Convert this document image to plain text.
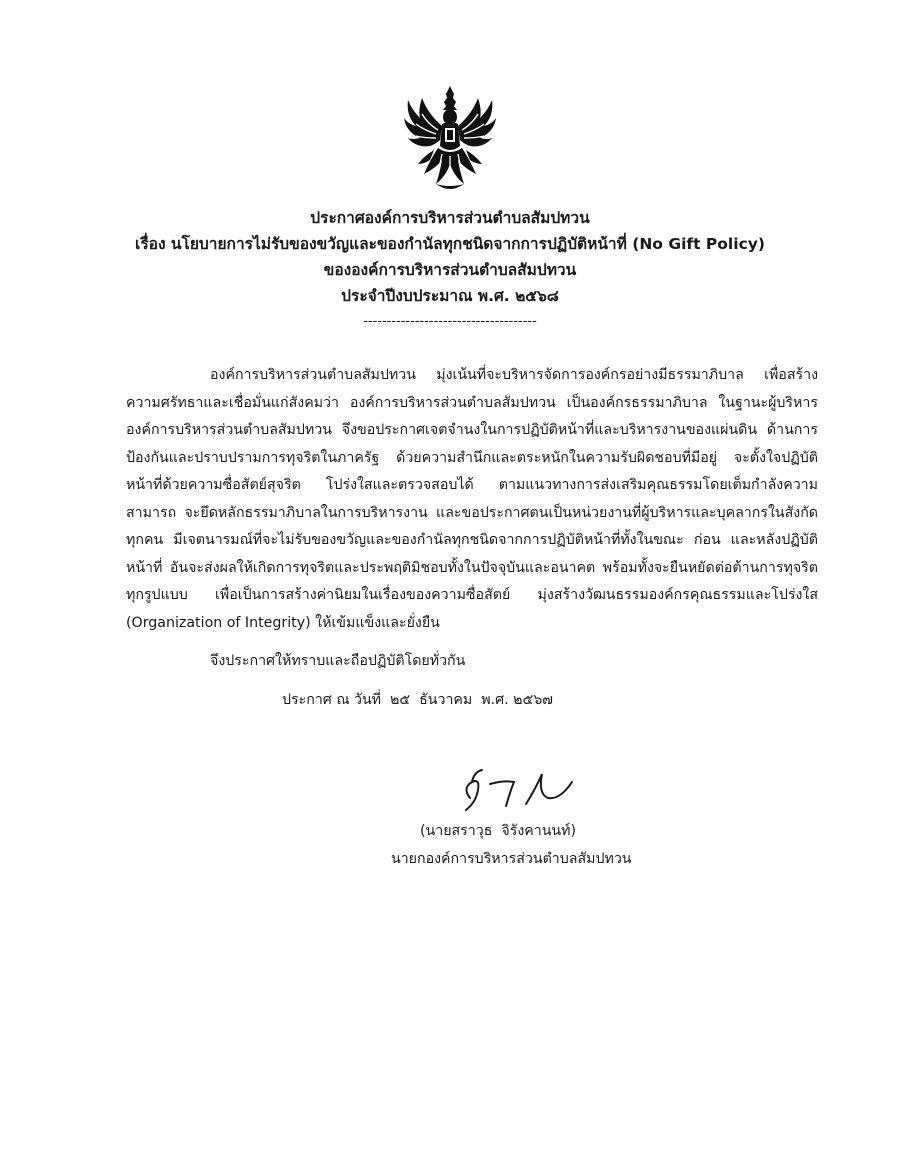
ประกาศองค์การบริหารส่วนตำบลสัมปทวน
เรื่อง นโยบายการไม่รับของขวัญและของกำนัลทุกชนิดจากการปฏิบัติหน้าที่ (No Gift Policy)
ขององค์การบริหารส่วนตำบลสัมปทวน
ประจำปีงบประมาณ พ.ศ. ๒๕๖๘
-------------------------------------

องค์การบริหารส่วนตำบลสัมปทวน มุ่งเน้นที่จะบริหารจัดการองค์กรอย่างมีธรรมาภิบาล เพื่อสร้างความศรัทธาและเชื่อมั่นแก่สังคมว่า องค์การบริหารส่วนตำบลสัมปทวน เป็นองค์กรธรรมาภิบาล ในฐานะผู้บริหารองค์การบริหารส่วนตำบลสัมปทวน จึงขอประกาศเจตจำนงในการปฏิบัติหน้าที่และบริหารงานของแผ่นดิน ด้านการป้องกันและปราบปรามการทุจริตในภาครัฐ ด้วยความสำนึกและตระหนักในความรับผิดชอบที่มีอยู่ จะตั้งใจปฏิบัติหน้าที่ด้วยความซื่อสัตย์สุจริต โปร่งใสและตรวจสอบได้ ตามแนวทางการส่งเสริมคุณธรรมโดยเต็มกำลังความสามารถ จะยึดหลักธรรมาภิบาลในการบริหารงาน และขอประกาศตนเป็นหน่วยงานที่ผู้บริหารและบุคลากรในสังกัดทุกคน มีเจตนารมณ์ที่จะไม่รับของขวัญและของกำนัลทุกชนิดจากการปฏิบัติหน้าที่ทั้งในขณะ ก่อน และหลังปฏิบัติหน้าที่ อันจะส่งผลให้เกิดการทุจริตและประพฤติมิชอบทั้งในปัจจุบันและอนาคต พร้อมทั้งจะยืนหยัดต่อต้านการทุจริตทุกรูปแบบ เพื่อเป็นการสร้างค่านิยมในเรื่องของความซื่อสัตย์ มุ่งสร้างวัฒนธรรมองค์กรคุณธรรมและโปร่งใส (Organization of Integrity) ให้เข้มแข็งและยั่งยืน

จึงประกาศให้ทราบและถือปฏิบัติโดยทั่วกัน
ประกาศ ณ วันที่  ๒๕  ธันวาคม  พ.ศ. ๒๕๖๗
(นายสราวุธ  จิรังคานนท์)
นายกองค์การบริหารส่วนตำบลสัมปทวน
